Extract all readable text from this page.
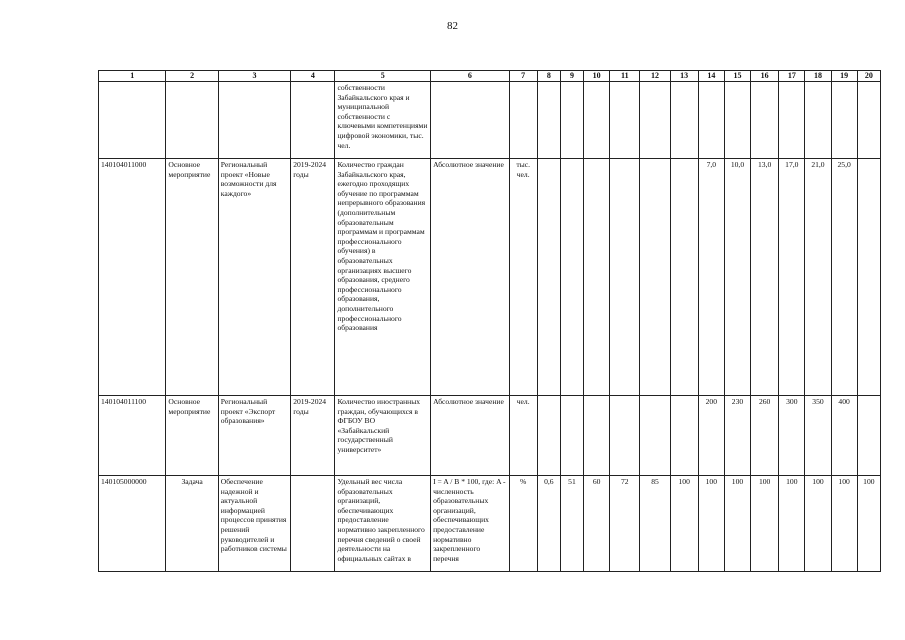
82
1	2	3	4	5	6	7	8	9	10	11	12	13	14	15	16	17	18	19	20
				собственности Забайкальского края и муниципальной собственности с ключевыми компетенциями цифровой экономики, тыс. чел.															
140104011000	Основное мероприятие	Региональный проект «Новые возможности для каждого»	2019-2024 годы	Количество граждан Забайкальского края, ежегодно проходящих обучение по программам непрерывного образования (дополнительным образовательным программам и программам профессионального обучения) в образовательных организациях высшего образования, среднего профессионального образования, дополнительного профессионального образования	Абсолютное значение	тыс. чел.							7,0	10,0	13,0	17,0	21,0	25,0	
140104011100	Основное мероприятие	Региональный проект «Экспорт образования»	2019-2024 годы	Количество иностранных граждан, обучающихся в ФГБОУ ВО «Забайкальский государственный университет»	Абсолютное значение	чел.							200	230	260	300	350	400	
140105000000	Задача	Обеспечение надежной и актуальной информацией процессов принятия решений руководителей и работников системы		Удельный вес числа образовательных организаций, обеспечивающих предоставление нормативно закрепленного перечня сведений о своей деятельности на официальных сайтах в	I = A / B * 100, где: A - численность образовательных организаций, обеспечивающих предоставление нормативно закрепленного перечня	%	0,6	51	60	72	85	100	100	100	100	100	100	100	100
